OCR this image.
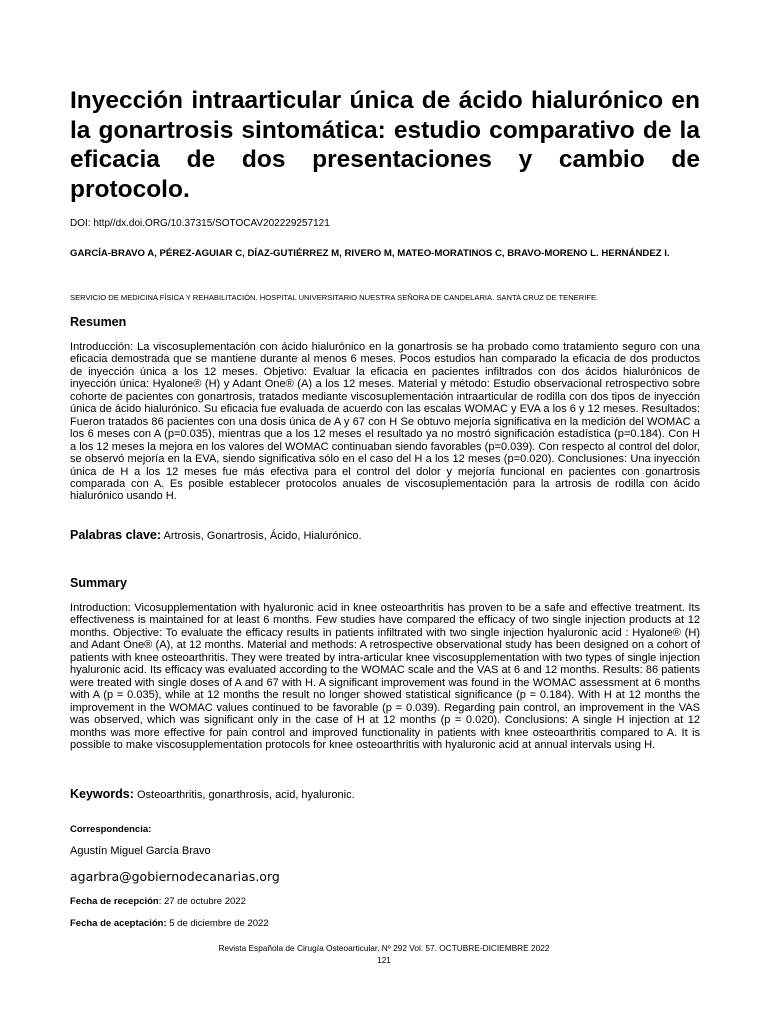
Inyección intraarticular única de ácido hialurónico en la gonartrosis sintomática: estudio comparativo de la eficacia de dos presentaciones y cambio de protocolo.
DOI: http//dx.doi.ORG/10.37315/SOTOCAV202229257121

GARCÍA-BRAVO A, PÉREZ-AGUIAR C, DÍAZ-GUTIÉRREZ M, RIVERO M, MATEO-MORATINOS C, BRAVO-MORENO L. HERNÁNDEZ I.

SERVICIO DE MEDICINA FÍSICA Y REHABILITACIÓN. HOSPITAL UNIVERSITARIO NUESTRA SEÑORA DE CANDELARIA. SANTA CRUZ DE TENERIFE.
Resumen

Introducción: La viscosuplementación con ácido hialurónico en la gonartrosis se ha probado como tratamiento seguro con una eficacia demostrada que se mantiene durante al menos 6 meses. Pocos estudios han comparado la eficacia de dos productos de inyección única a los 12 meses. Objetivo: Evaluar la eficacia en pacientes infiltrados con dos ácidos hialurónicos de inyección única: Hyalone® (H) y Adant One® (A) a los 12 meses. Material y método: Estudio observacional retrospectivo sobre cohorte de pacientes con gonartrosis, tratados mediante viscosuplementación intraarticular de rodilla con dos tipos de inyección única de ácido hialurónico. Su eficacia fue evaluada de acuerdo con las escalas WOMAC y EVA a los 6 y 12 meses. Resultados: Fueron tratados 86 pacientes con una dosis única de A y 67 con H Se obtuvo mejoría significativa en la medición del WOMAC a los 6 meses con A (p=0.035), mientras que a los 12 meses el resultado ya no mostró significación estadística (p=0.184). Con H a los 12 meses la mejora en los valores del WOMAC continuaban siendo favorables (p=0.039). Con respecto al control del dolor, se observó mejoría en la EVA, siendo significativa sólo en el caso del H a los 12 meses (p=0.020). Conclusiones: Una inyección única de H a los 12 meses fue más efectiva para el control del dolor y mejoría funcional en pacientes con gonartrosis comparada con A. Es posible establecer protocolos anuales de viscosuplementación para la artrosis de rodilla con ácido hialurónico usando H.

Palabras clave: Artrosis, Gonartrosis, Ácido, Hialurónico.
Summary

Introduction: Vicosupplementation with hyaluronic acid in knee osteoarthritis has proven to be a safe and effective treatment. Its effectiveness is maintained for at least 6 months. Few studies have compared the efficacy of two single injection products at 12 months. Objective: To evaluate the efficacy results in patients infiltrated with two single injection hyaluronic acid : Hyalone® (H) and Adant One® (A), at 12 months. Material and methods: A retrospective observational study has been designed on a cohort of patients with knee osteoarthritis. They were treated by intra-articular knee viscosupplementation with two types of single injection hyaluronic acid. Its efficacy was evaluated according to the WOMAC scale and the VAS at 6 and 12 months. Results: 86 patients were treated with single doses of A and 67 with H. A significant improvement was found in the WOMAC assessment at 6 months with A (p = 0.035), while at 12 months the result no longer showed statistical significance (p = 0.184). With H at 12 months the improvement in the WOMAC values continued to be favorable (p = 0.039). Regarding pain control, an improvement in the VAS was observed, which was significant only in the case of H at 12 months (p = 0.020). Conclusions: A single H injection at 12 months was more effective for pain control and improved functionality in patients with knee osteoarthritis compared to A. It is possible to make viscosupplementation protocols for knee osteoarthritis with hyaluronic acid at annual intervals using H.

Keywords: Osteoarthritis, gonarthrosis, acid, hyaluronic.
Correspondencia:
Agustín Miguel García Bravo
agarbra@gobiernodecanarias.org
Fecha de recepción: 27 de octubre 2022
Fecha de aceptación: 5 de diciembre de 2022
Revista Española de Cirugía Osteoarticular. Nº 292 Vol. 57. OCTUBRE-DICIEMBRE 2022
121
